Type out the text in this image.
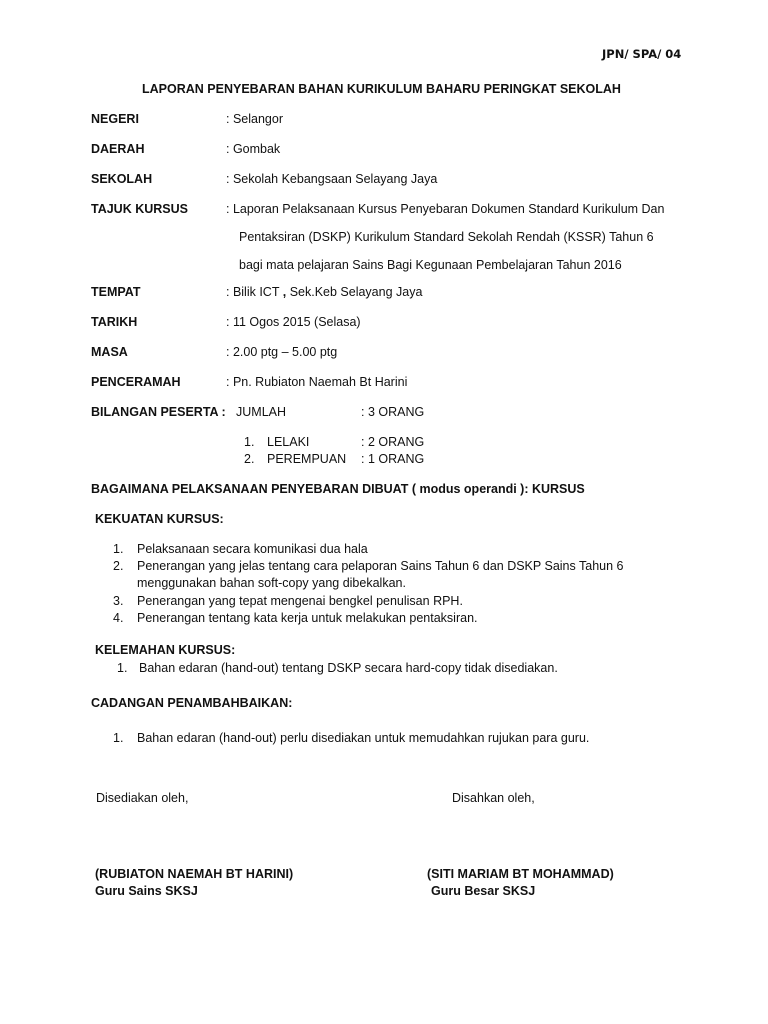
JPN/ SPA/ 04
LAPORAN PENYEBARAN BAHAN KURIKULUM BAHARU PERINGKAT SEKOLAH
NEGERI	: Selangor
DAERAH	: Gombak
SEKOLAH	: Sekolah Kebangsaan Selayang Jaya
TAJUK KURSUS	: Laporan Pelaksanaan Kursus Penyebaran Dokumen Standard Kurikulum Dan
Pentaksiran (DSKP) Kurikulum Standard Sekolah Rendah (KSSR) Tahun 6
bagi mata pelajaran Sains Bagi Kegunaan Pembelajaran Tahun 2016
TEMPAT	: Bilik ICT , Sek.Keb Selayang Jaya
TARIKH	: 11 Ogos 2015 (Selasa)
MASA	: 2.00 ptg – 5.00 ptg
PENCERAMAH	: Pn. Rubiaton Naemah Bt Harini
BILANGAN PESERTA : JUMLAH	: 3 ORANG
1. LELAKI	: 2 ORANG
2. PEREMPUAN : 1 ORANG
BAGAIMANA PELAKSANAAN PENYEBARAN DIBUAT ( modus operandi ): KURSUS
KEKUATAN KURSUS:
1. Pelaksanaan secara komunikasi dua hala
2. Penerangan yang jelas tentang cara pelaporan Sains Tahun 6 dan DSKP Sains Tahun 6
menggunakan bahan soft-copy yang dibekalkan.
3. Penerangan yang tepat mengenai bengkel penulisan RPH.
4. Penerangan tentang kata kerja untuk melakukan pentaksiran.
KELEMAHAN KURSUS:
1. Bahan edaran (hand-out) tentang DSKP secara hard-copy tidak disediakan.
CADANGAN PENAMBAHBAIKAN:
1. Bahan edaran (hand-out) perlu disediakan untuk memudahkan rujukan para guru.
Disediakan oleh,	Disahkan oleh,
(RUBIATON NAEMAH BT HARINI)
Guru Sains SKSJ
(SITI MARIAM BT MOHAMMAD)
Guru Besar SKSJ
